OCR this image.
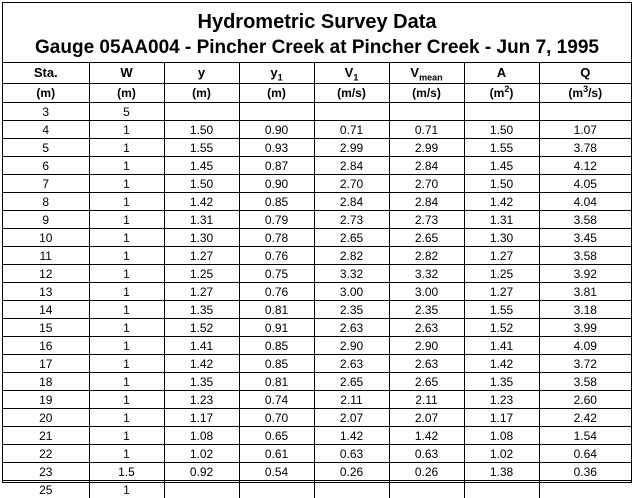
Hydrometric Survey Data
Gauge 05AA004 - Pincher Creek at Pincher Creek - Jun 7, 1995
Sta.	W	y	$y_1$	$V_1$	$V_{mean}$	A	Q
(m)	(m)	(m)	(m)	(m/s)	(m/s)	$(m^2)$	$(m^3/s)$
3	5						
4	1	1.50	0.90	0.71	0.71	1.50	1.07
5	1	1.55	0.93	2.99	2.99	1.55	3.78
6	1	1.45	0.87	2.84	2.84	1.45	4.12
7	1	1.50	0.90	2.70	2.70	1.50	4.05
8	1	1.42	0.85	2.84	2.84	1.42	4.04
9	1	1.31	0.79	2.73	2.73	1.31	3.58
10	1	1.30	0.78	2.65	2.65	1.30	3.45
11	1	1.27	0.76	2.82	2.82	1.27	3.58
12	1	1.25	0.75	3.32	3.32	1.25	3.92
13	1	1.27	0.76	3.00	3.00	1.27	3.81
14	1	1.35	0.81	2.35	2.35	1.55	3.18
15	1	1.52	0.91	2.63	2.63	1.52	3.99
16	1	1.41	0.85	2.90	2.90	1.41	4.09
17	1	1.42	0.85	2.63	2.63	1.42	3.72
18	1	1.35	0.81	2.65	2.65	1.35	3.58
19	1	1.23	0.74	2.11	2.11	1.23	2.60
20	1	1.17	0.70	2.07	2.07	1.17	2.42
21	1	1.08	0.65	1.42	1.42	1.08	1.54
22	1	1.02	0.61	0.63	0.63	1.02	0.64
23	1.5	0.92	0.54	0.26	0.26	1.38	0.36
25	1						
